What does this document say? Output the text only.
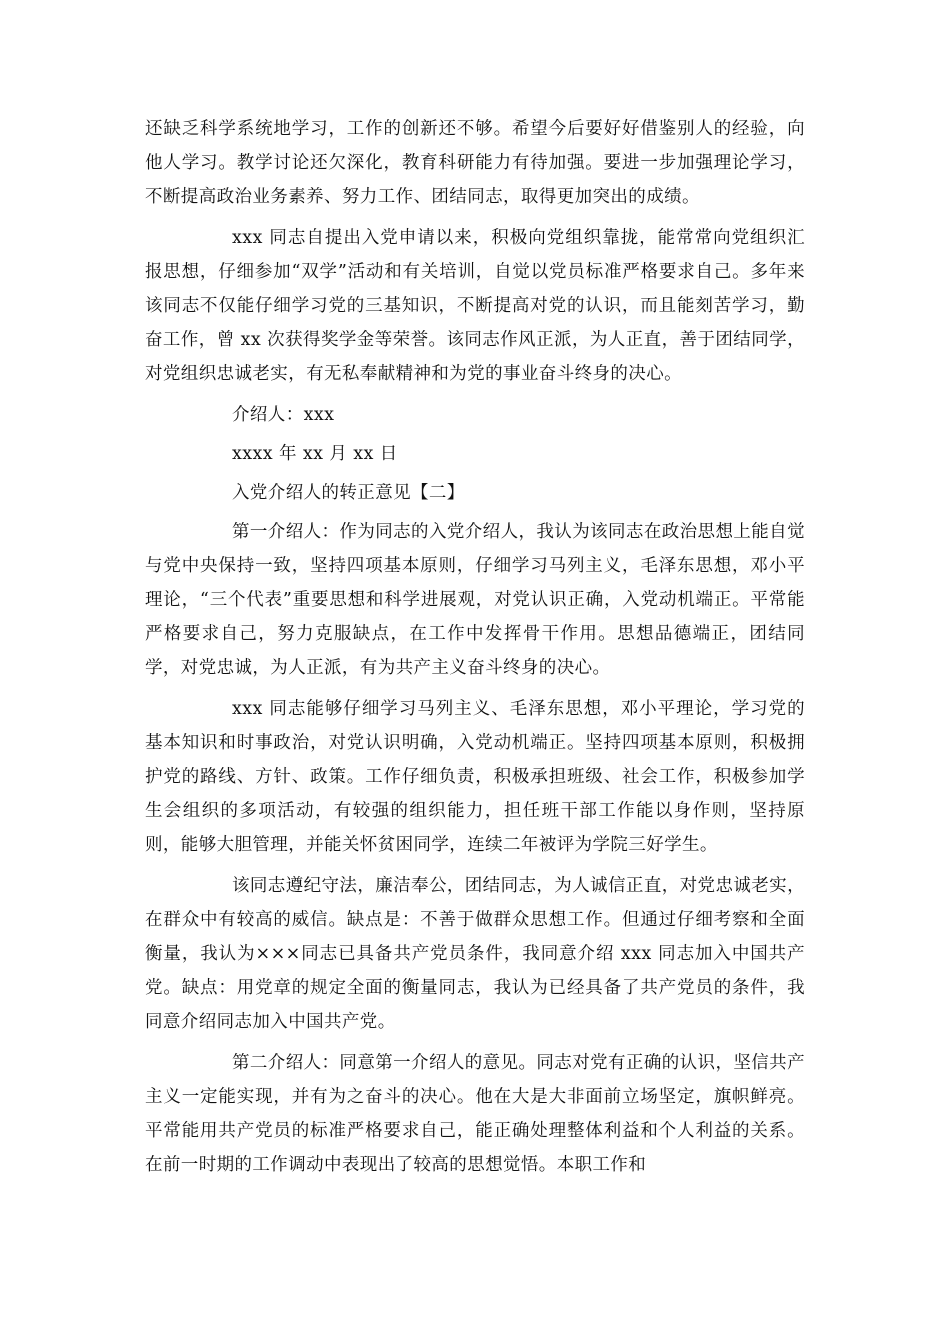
还缺乏科学系统地学习，工作的创新还不够。希望今后要好好借鉴别人的经验，向他人学习。教学讨论还欠深化，教育科研能力有待加强。要进一步加强理论学习，不断提高政治业务素养、努力工作、团结同志，取得更加突出的成绩。

xxx 同志自提出入党申请以来，积极向党组织靠拢，能常常向党组织汇报思想，仔细参加“双学”活动和有关培训，自觉以党员标准严格要求自己。多年来该同志不仅能仔细学习党的三基知识，不断提高对党的认识，而且能刻苦学习，勤奋工作，曾 xx 次获得奖学金等荣誉。该同志作风正派，为人正直，善于团结同学，对党组织忠诚老实，有无私奉献精神和为党的事业奋斗终身的决心。

介绍人：xxx

xxxx 年 xx 月 xx 日

入党介绍人的转正意见【二】

第一介绍人：作为同志的入党介绍人，我认为该同志在政治思想上能自觉与党中央保持一致，坚持四项基本原则，仔细学习马列主义，毛泽东思想，邓小平理论，“三个代表”重要思想和科学进展观，对党认识正确，入党动机端正。平常能严格要求自己，努力克服缺点，在工作中发挥骨干作用。思想品德端正，团结同学，对党忠诚，为人正派，有为共产主义奋斗终身的决心。

xxx 同志能够仔细学习马列主义、毛泽东思想，邓小平理论，学习党的基本知识和时事政治，对党认识明确，入党动机端正。坚持四项基本原则，积极拥护党的路线、方针、政策。工作仔细负责，积极承担班级、社会工作，积极参加学生会组织的多项活动，有较强的组织能力，担任班干部工作能以身作则，坚持原则，能够大胆管理，并能关怀贫困同学，连续二年被评为学院三好学生。

该同志遵纪守法，廉洁奉公，团结同志，为人诚信正直，对党忠诚老实，在群众中有较高的威信。缺点是：不善于做群众思想工作。但通过仔细考察和全面衡量，我认为×××同志已具备共产党员条件，我同意介绍 xxx 同志加入中国共产党。缺点：用党章的规定全面的衡量同志，我认为已经具备了共产党员的条件，我同意介绍同志加入中国共产党。

第二介绍人：同意第一介绍人的意见。同志对党有正确的认识，坚信共产主义一定能实现，并有为之奋斗的决心。他在大是大非面前立场坚定，旗帜鲜亮。平常能用共产党员的标准严格要求自己，能正确处理整体利益和个人利益的关系。在前一时期的工作调动中表现出了较高的思想觉悟。本职工作和
